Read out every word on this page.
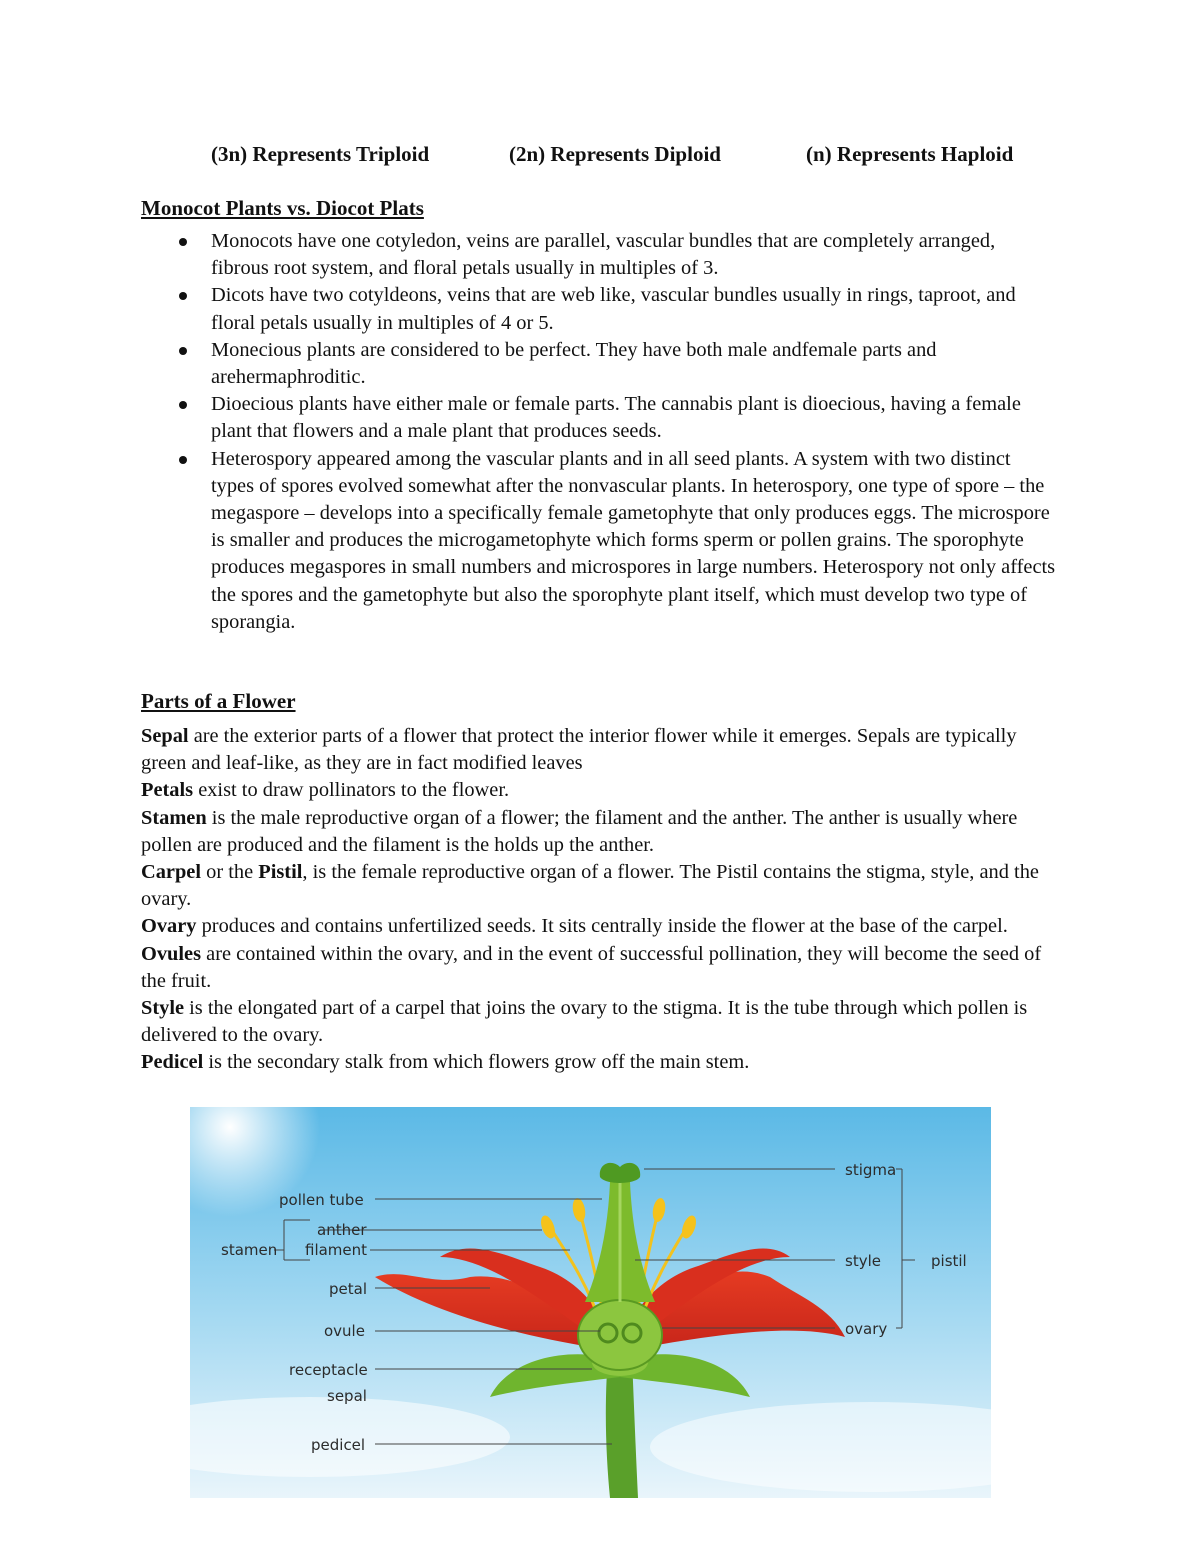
(3n) Represents Triploid	(2n) Represents Diploid	(n) Represents Haploid
Monocot Plants vs. Diocot Plats
Monocots have one cotyledon, veins are parallel, vascular bundles that are completely arranged, fibrous root system, and floral petals usually in multiples of 3.
Dicots have two cotyldeons, veins that are web like, vascular bundles usually in rings, taproot, and floral petals usually in multiples of 4 or 5.
Monecious plants are considered to be perfect. They have both male andfemale parts and arehermaphroditic.
Dioecious plants have either male or female parts. The cannabis plant is dioecious, having a female plant that flowers and a male plant that produces seeds.
Heterospory appeared among the vascular plants and in all seed plants. A system with two distinct types of spores evolved somewhat after the nonvascular plants. In heterospory, one type of spore – the megaspore – develops into a specifically female gametophyte that only produces eggs. The microspore is smaller and produces the microgametophyte which forms sperm or pollen grains. The sporophyte produces megaspores in small numbers and microspores in large numbers. Heterospory not only affects the spores and the gametophyte but also the sporophyte plant itself, which must develop two type of sporangia.
Parts of a Flower

Sepal are the exterior parts of a flower that protect the interior flower while it emerges. Sepals are typically green and leaf-like, as they are in fact modified leaves

Petals exist to draw pollinators to the flower.

Stamen is the male reproductive organ of a flower; the filament and the anther. The anther is usually where pollen are produced and the filament is the holds up the anther.

Carpel or the Pistil, is the female reproductive organ of a flower. The Pistil contains the stigma, style, and the ovary.

Ovary produces and contains unfertilized seeds. It sits centrally inside the flower at the base of the carpel.

Ovules are contained within the ovary, and in the event of successful pollination, they will become the seed of the fruit.

Style is the elongated part of a carpel that joins the ovary to the stigma. It is the tube through which pollen is delivered to the ovary.

Pedicel is the secondary stalk from which flowers grow off the main stem.

pollen tube
anther
filament
stamen
petal
ovule
receptacle
sepal
pedicel
stigma
style
ovary
pistil
